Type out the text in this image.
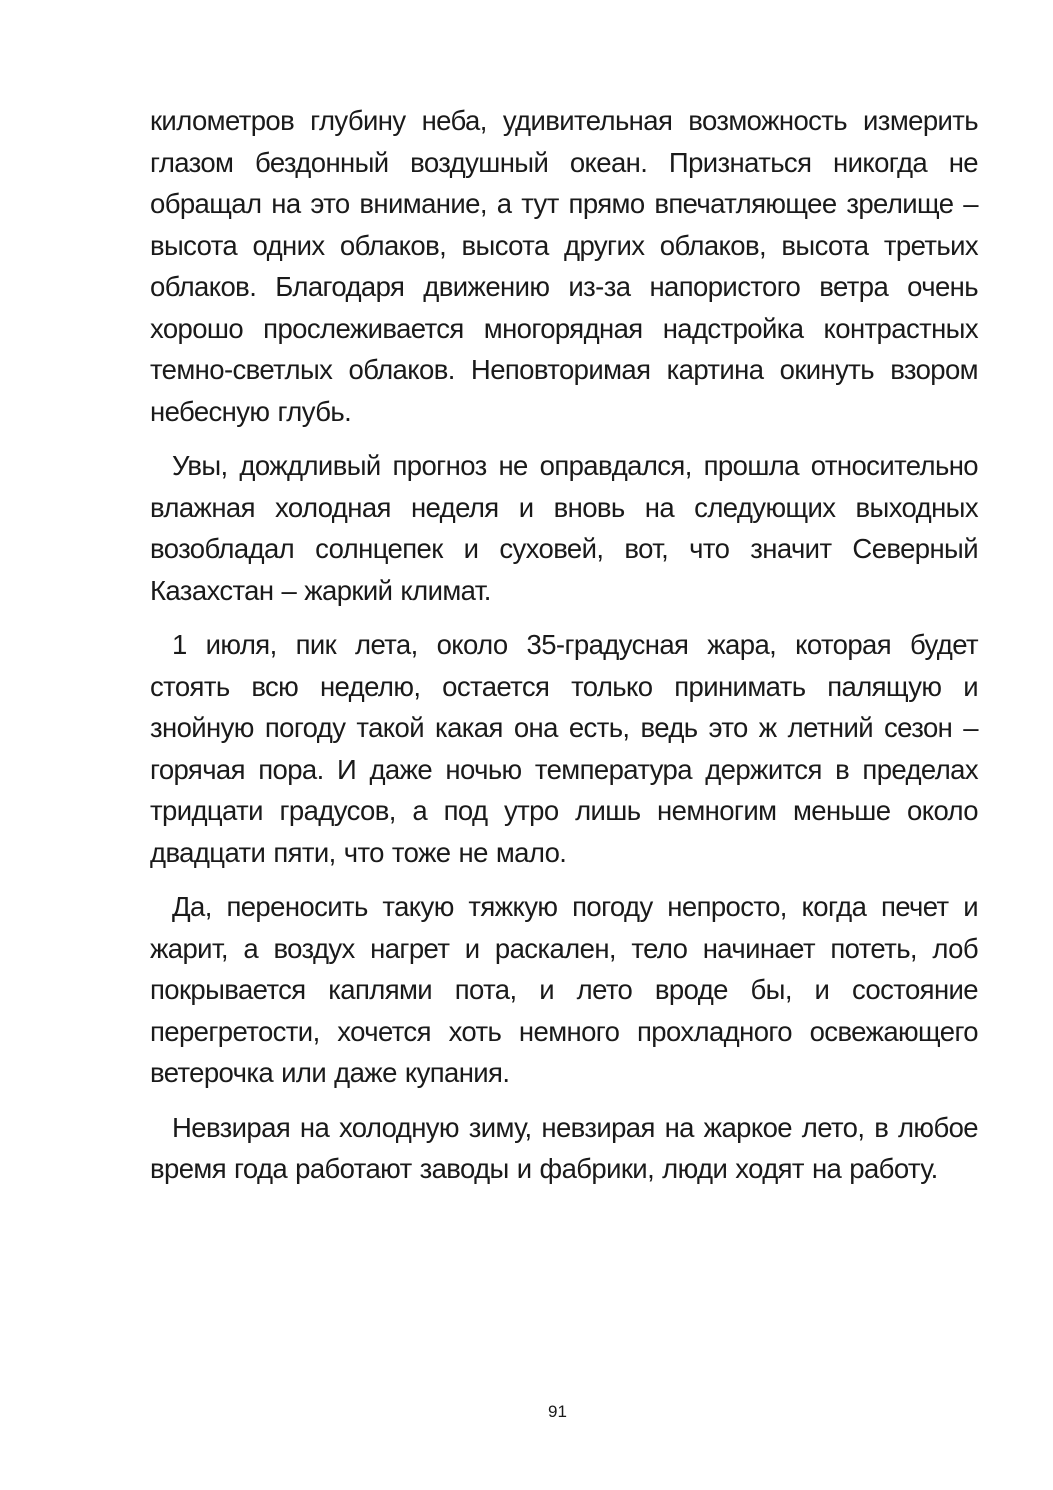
километров глубину неба, удивительная возможность измерить глазом бездонный воздушный океан. Признаться никогда не обращал на это внимание, а тут прямо впечатляющее зрелище – высота одних облаков, высота других облаков, высота третьих облаков. Благодаря движению из-за напористого ветра очень хорошо прослеживается многорядная надстройка контрастных темно-светлых облаков. Неповторимая картина окинуть взором небесную глубь.

Увы, дождливый прогноз не оправдался, прошла относительно влажная холодная неделя и вновь на следующих выходных возобладал солнцепек и суховей, вот, что значит Северный Казахстан – жаркий климат.

1 июля, пик лета, около 35-градусная жара, которая будет стоять всю неделю, остается только принимать палящую и знойную погоду такой какая она есть, ведь это ж летний сезон – горячая пора. И даже ночью температура держится в пределах тридцати градусов, а под утро лишь немногим меньше около двадцати пяти, что тоже не мало.

Да, переносить такую тяжкую погоду непросто, когда печет и жарит, а воздух нагрет и раскален, тело начинает потеть, лоб покрывается каплями пота, и лето вроде бы, и состояние перегретости, хочется хоть немного прохладного освежающего ветерочка или даже купания.

Невзирая на холодную зиму, невзирая на жаркое лето, в любое время года работают заводы и фабрики, люди ходят на работу.

91
